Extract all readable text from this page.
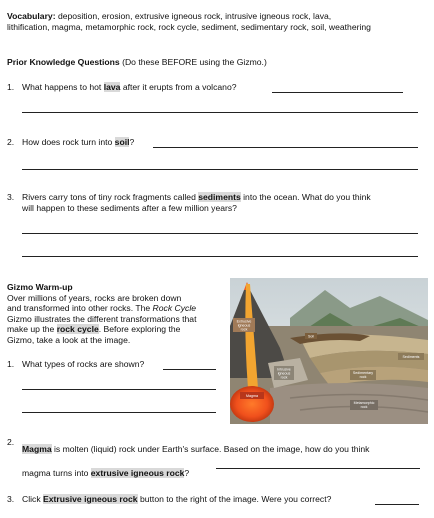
Vocabulary: deposition, erosion, extrusive igneous rock, intrusive igneous rock, lava,
lithification, magma, metamorphic rock, rock cycle, sediment, sedimentary rock, soil, weathering
Prior Knowledge Questions (Do these BEFORE using the Gizmo.)
1. What happens to hot lava after it erupts from a volcano?
2. How does rock turn into soil?
3. Rivers carry tons of tiny rock fragments called sediments into the ocean. What do you think
will happen to these sediments after a few million years?
Gizmo Warm-up
Over millions of years, rocks are broken down
and transformed into other rocks. The Rock Cycle
Gizmo illustrates the different transformations that
make up the rock cycle. Before exploring the
Gizmo, take a look at the image.
1. What types of rocks are shown?
Extrusive
igneous
rock
Soil
Sediments
Sedimentary
rock
Intrusive
igneous
rock
Magma
Metamorphic
rock
2.
Magma is molten (liquid) rock under Earth's surface. Based on the image, how do you think
magma turns into extrusive igneous rock?
3. Click Extrusive igneous rock button to the right of the image. Were you correct?
